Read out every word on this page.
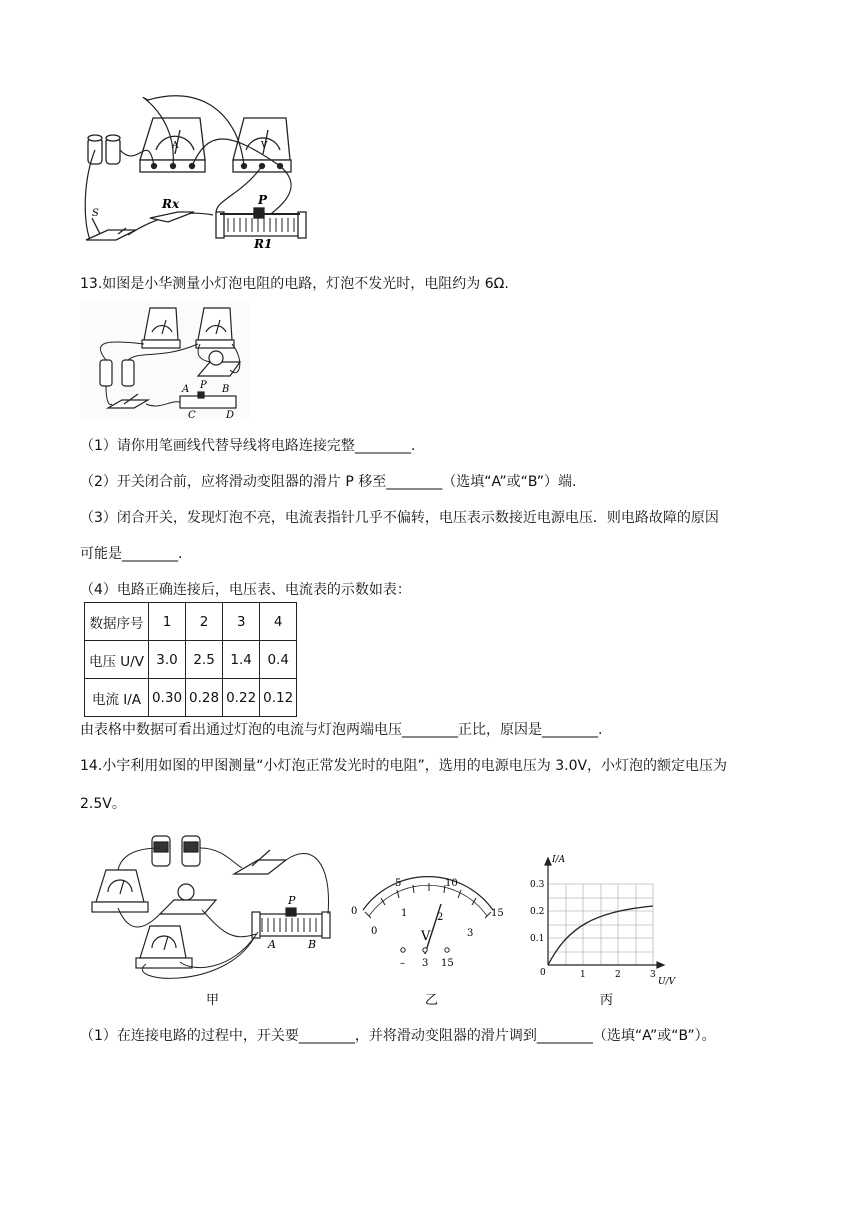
A	V
S
Rx	P
R1
13.如图是小华测量小灯泡电阻的电路，灯泡不发光时，电阻约为 6Ω.
A P B
C	D
（1）请你用笔画线代替导线将电路连接完整________.
（2）开关闭合前，应将滑动变阻器的滑片 P 移至________（选填“A”或“B”）端.
（3）闭合开关，发现灯泡不亮，电流表指针几乎不偏转，电压表示数接近电源电压．则电路故障的原因
可能是________.
（4）电路正确连接后，电压表、电流表的示数如表：
数据序号	1	2	3	4
电压 U/V	3.0	2.5	1.4	0.4
电流 I/A	0.30	0.28	0.22	0.12
由表格中数据可看出通过灯泡的电流与灯泡两端电压________正比，原因是________.
14.小宇利用如图的甲图测量“小灯泡正常发光时的电阻”，选用的电源电压为 3.0V，小灯泡的额定电压为
2.5V。
P
A	B
甲
0
5	10
15
0
1	2
3
V
– 3 15
乙
I/A
0.3
0.2
0.1
0	1	2	3
U/V
丙
（1）在连接电路的过程中，开关要________，并将滑动变阻器的滑片调到________（选填“A”或“B”）。
